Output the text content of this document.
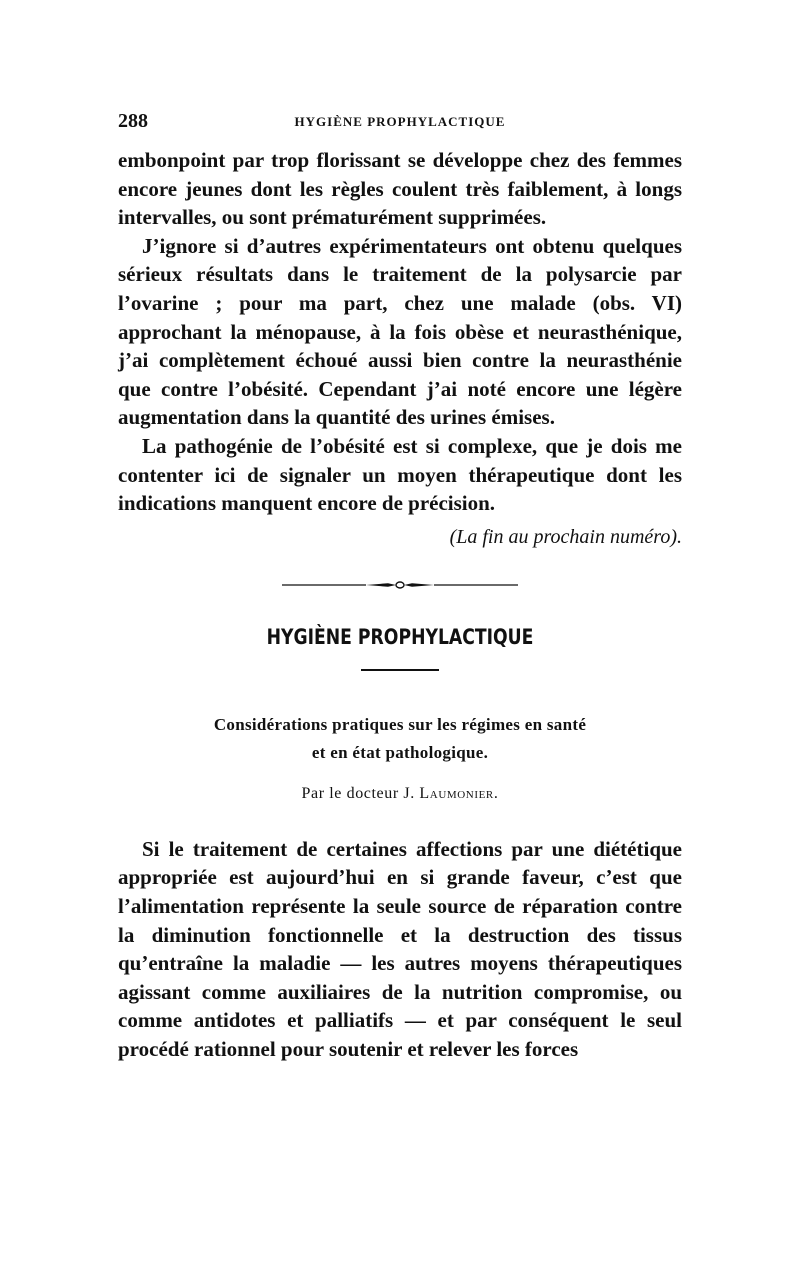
288	HYGIÈNE PROPHYLACTIQUE

embonpoint par trop florissant se développe chez des femmes encore jeunes dont les règles coulent très faiblement, à longs intervalles, ou sont prématurément supprimées.

J’ignore si d’autres expérimentateurs ont obtenu quelques sérieux résultats dans le traitement de la polysarcie par l’ovarine ; pour ma part, chez une malade (obs. VI) approchant la ménopause, à la fois obèse et neurasthénique, j’ai complètement échoué aussi bien contre la neurasthénie que contre l’obésité. Cependant j’ai noté encore une légère augmentation dans la quantité des urines émises.

La pathogénie de l’obésité est si complexe, que je dois me contenter ici de signaler un moyen thérapeutique dont les indications manquent encore de précision.

(La fin au prochain numéro).
HYGIÈNE PROPHYLACTIQUE
Considérations pratiques sur les régimes en santé
et en état pathologique.
Par le docteur J. Laumonier.

Si le traitement de certaines affections par une diététique appropriée est aujourd’hui en si grande faveur, c’est que l’alimentation représente la seule source de réparation contre la diminution fonctionnelle et la destruction des tissus qu’entraîne la maladie — les autres moyens thérapeutiques agissant comme auxiliaires de la nutrition compromise, ou comme antidotes et palliatifs — et par conséquent le seul procédé rationnel pour soutenir et relever les forces
